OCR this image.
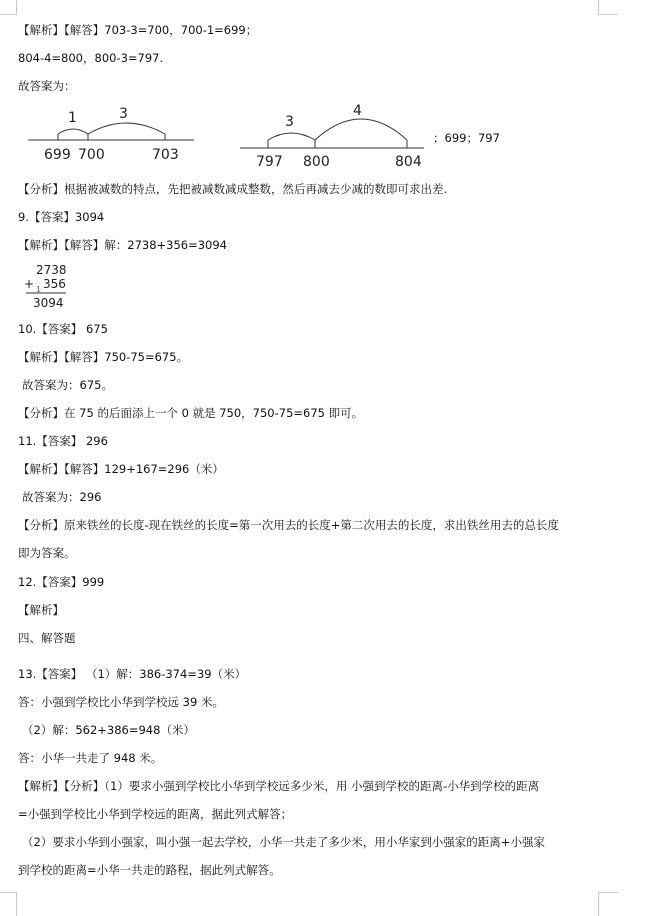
【解析】【解答】703-3=700，700-1=699；
804-4=800，800-3=797.
故答案为：
1	3
699 700	703
3
4
797 800	804
；699；797
【分析】根据被减数的特点，先把被减数减成整数，然后再减去少减的数即可求出差.
9.【答案】3094
【解析】【解答】解：2738+356=3094
2738
+ 1 356
3094
10.【答案】 675
【解析】【解答】750-75=675。
故答案为：675。
【分析】在 75 的后面添上一个 0 就是 750，750-75=675 即可。
11.【答案】 296
【解析】【解答】129+167=296（米）
故答案为：296
【分析】原来铁丝的长度-现在铁丝的长度=第一次用去的长度+第二次用去的长度，求出铁丝用去的总长度
即为答案。
12.【答案】999
【解析】
四、解答题
13.【答案】 （1）解：386-374=39（米）
答：小强到学校比小华到学校远 39 米。
（2）解：562+386=948（米）
答：小华一共走了 948 米。
【解析】【分析】（1）要求小强到学校比小华到学校远多少米，用 小强到学校的距离-小华到学校的距离
=小强到学校比小华到学校远的距离，据此列式解答；
（2）要求小华到小强家，叫小强一起去学校，小华一共走了多少米，用小华家到小强家的距离+小强家
到学校的距离=小华一共走的路程，据此列式解答。
